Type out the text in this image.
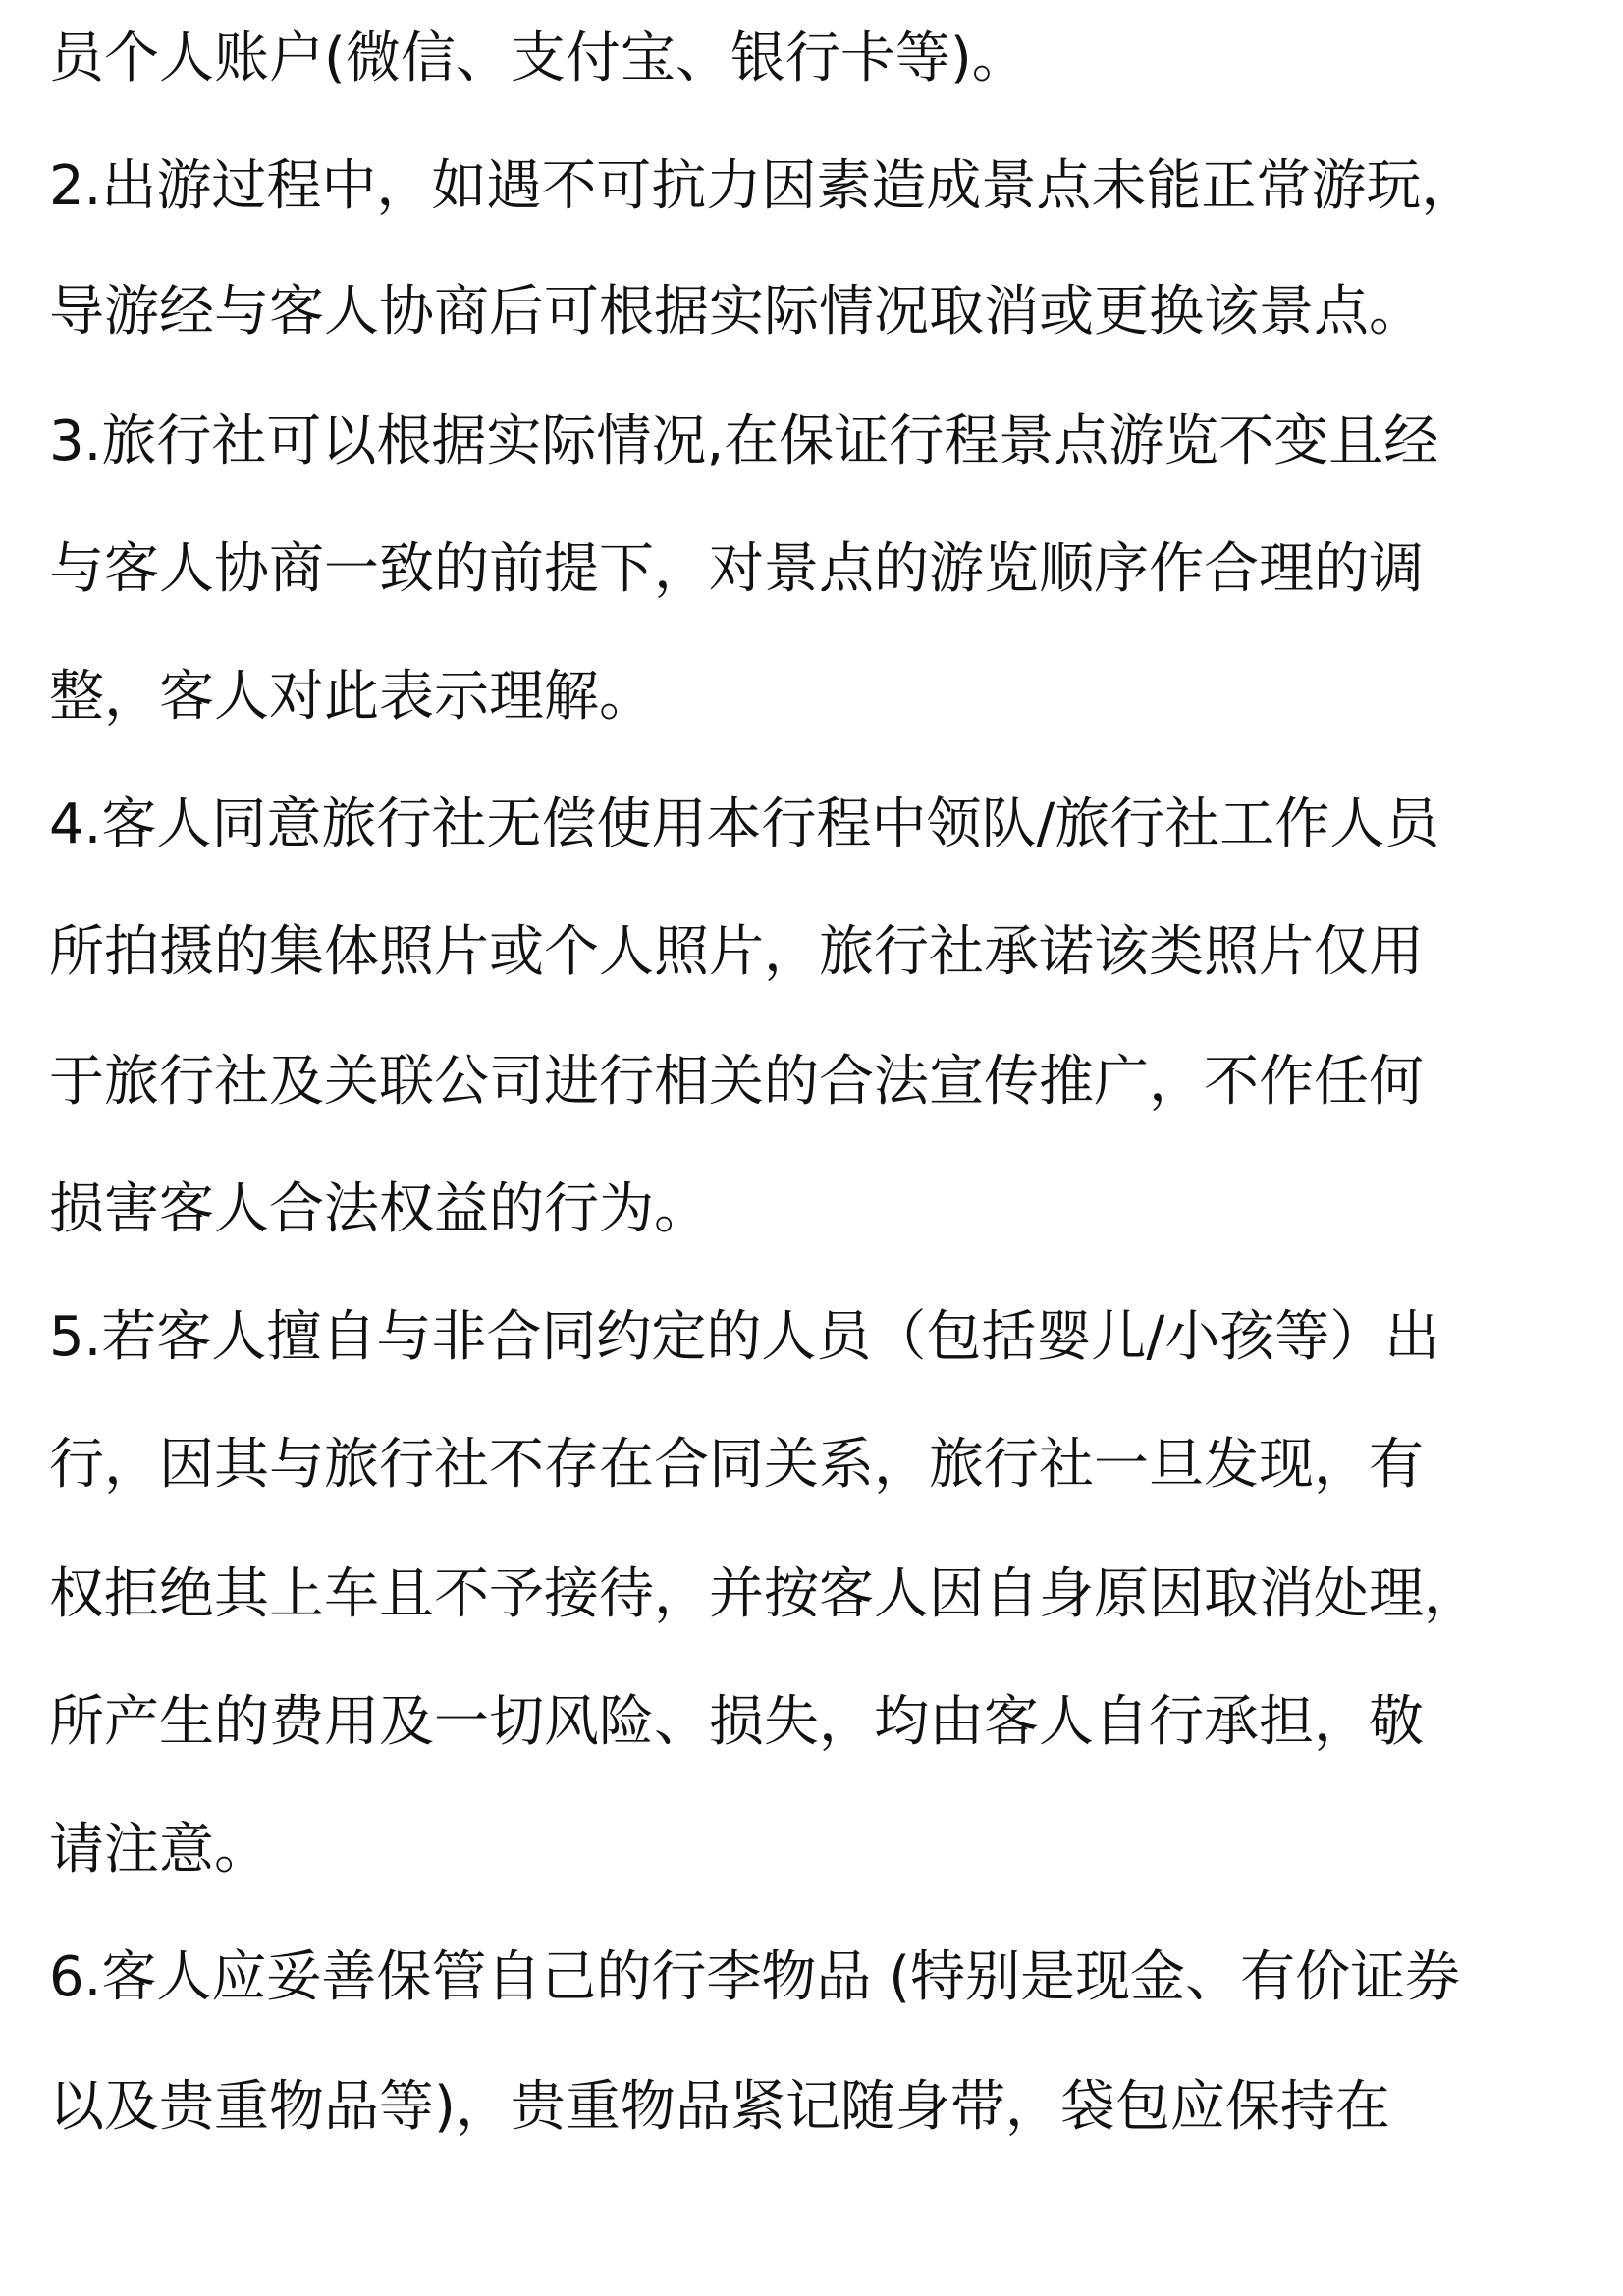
员个人账户(微信、支付宝、银行卡等)。
2.出游过程中，如遇不可抗力因素造成景点未能正常游玩，
导游经与客人协商后可根据实际情况取消或更换该景点。
3.旅行社可以根据实际情况,在保证行程景点游览不变且经
与客人协商一致的前提下，对景点的游览顺序作合理的调
整，客人对此表示理解。
4.客人同意旅行社无偿使用本行程中领队/旅行社工作人员
所拍摄的集体照片或个人照片，旅行社承诺该类照片仅用
于旅行社及关联公司进行相关的合法宣传推广，不作任何
损害客人合法权益的行为。
5.若客人擅自与非合同约定的人员（包括婴儿/小孩等）出
行，因其与旅行社不存在合同关系，旅行社一旦发现，有
权拒绝其上车且不予接待，并按客人因自身原因取消处理，
所产生的费用及一切风险、损失，均由客人自行承担，敬
请注意。
6.客人应妥善保管自己的行李物品 (特别是现金、有价证券
以及贵重物品等)，贵重物品紧记随身带，袋包应保持在
